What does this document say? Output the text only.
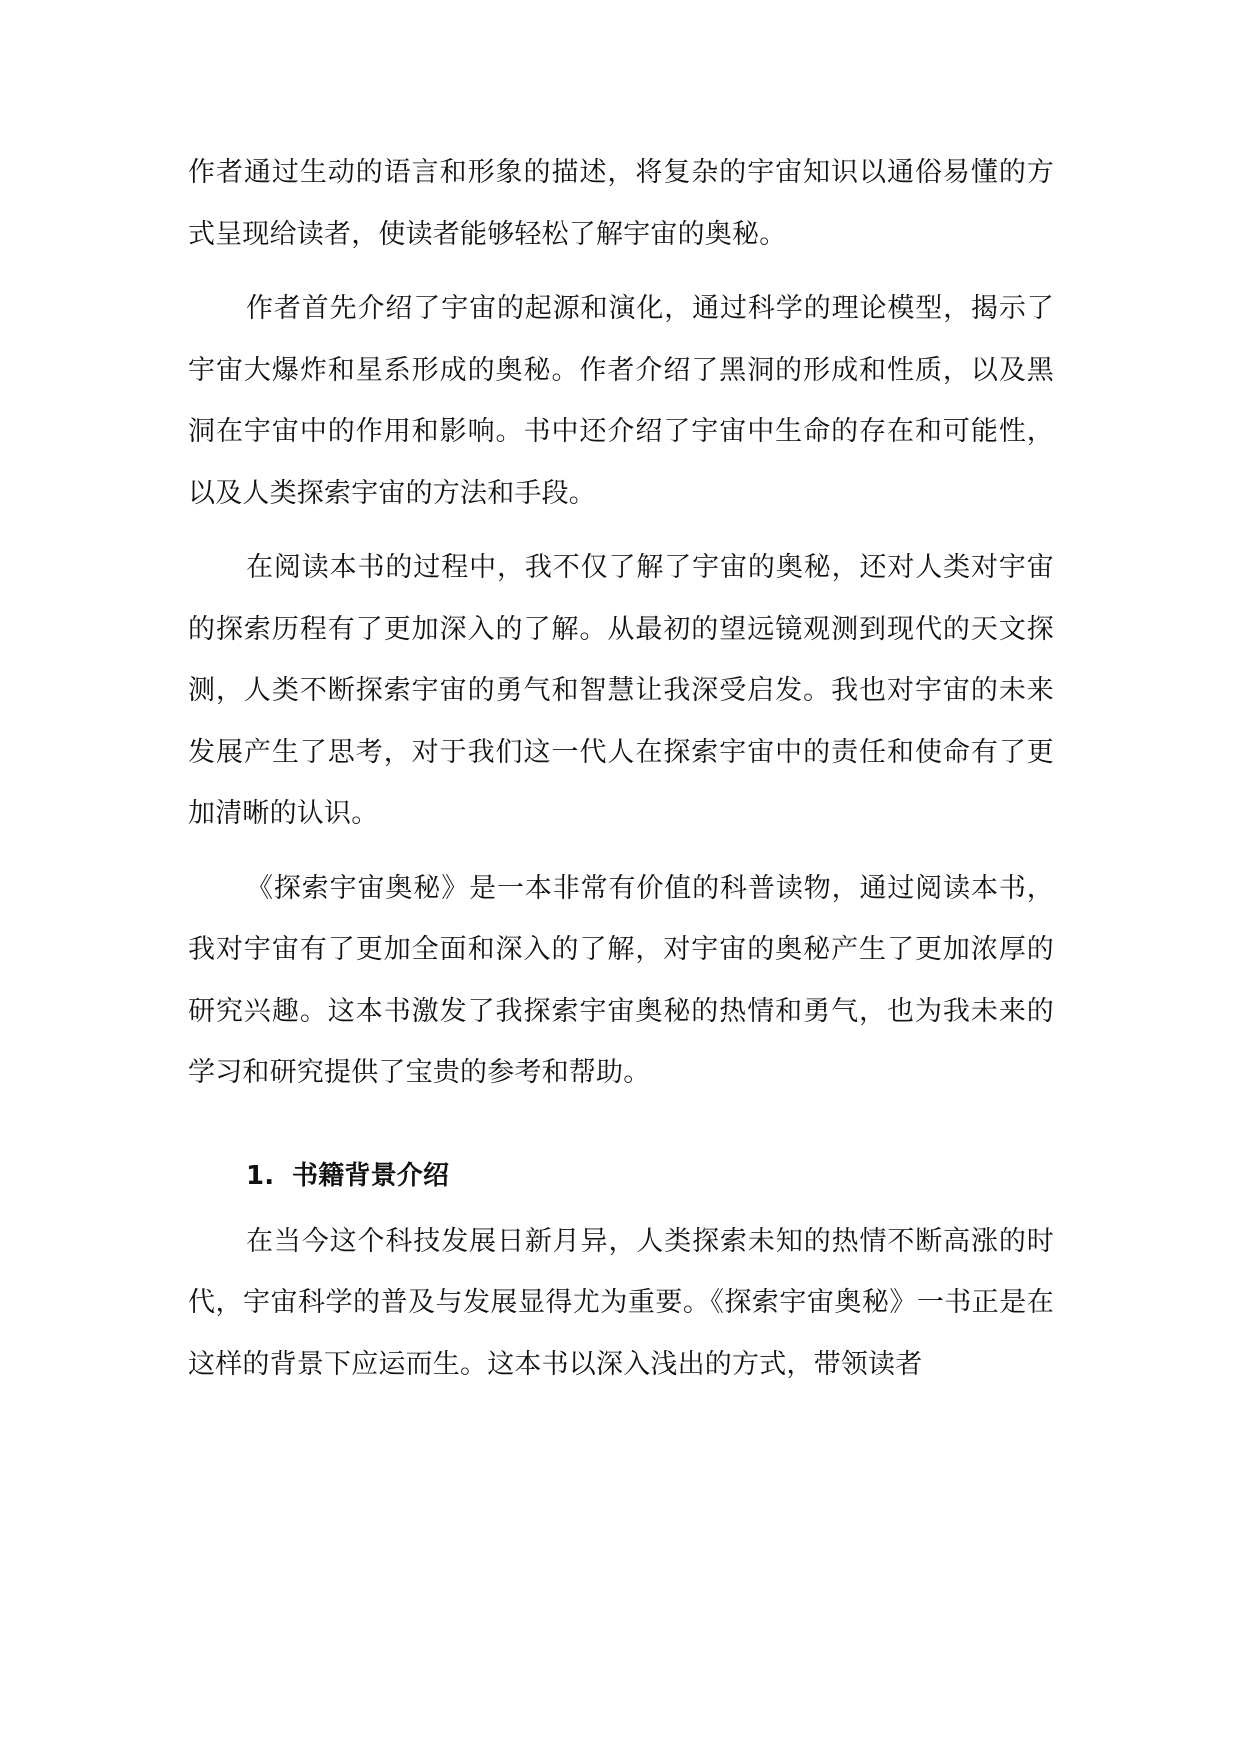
作者通过生动的语言和形象的描述，将复杂的宇宙知识以通俗易懂的方式呈现给读者，使读者能够轻松了解宇宙的奥秘。

作者首先介绍了宇宙的起源和演化，通过科学的理论模型，揭示了宇宙大爆炸和星系形成的奥秘。作者介绍了黑洞的形成和性质，以及黑洞在宇宙中的作用和影响。书中还介绍了宇宙中生命的存在和可能性，以及人类探索宇宙的方法和手段。

在阅读本书的过程中，我不仅了解了宇宙的奥秘，还对人类对宇宙的探索历程有了更加深入的了解。从最初的望远镜观测到现代的天文探测，人类不断探索宇宙的勇气和智慧让我深受启发。我也对宇宙的未来发展产生了思考，对于我们这一代人在探索宇宙中的责任和使命有了更加清晰的认识。

《探索宇宙奥秘》是一本非常有价值的科普读物，通过阅读本书，我对宇宙有了更加全面和深入的了解，对宇宙的奥秘产生了更加浓厚的研究兴趣。这本书激发了我探索宇宙奥秘的热情和勇气，也为我未来的学习和研究提供了宝贵的参考和帮助。

1. 书籍背景介绍

在当今这个科技发展日新月异，人类探索未知的热情不断高涨的时代，宇宙科学的普及与发展显得尤为重要。《探索宇宙奥秘》一书正是在这样的背景下应运而生。这本书以深入浅出的方式，带领读者
